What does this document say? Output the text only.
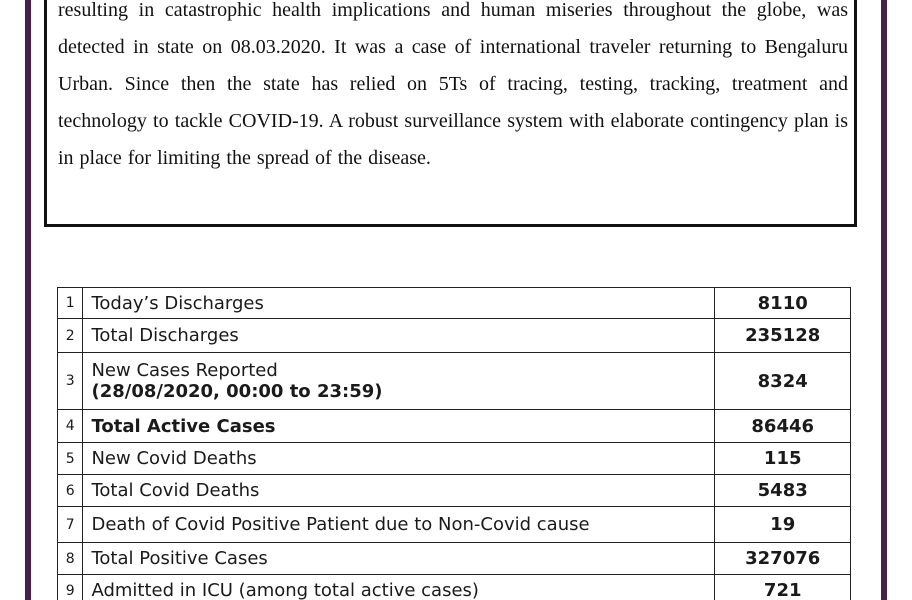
resulting in catastrophic health implications and human miseries throughout the globe, was detected in state on 08.03.2020. It was a case of international traveler returning to Bengaluru Urban. Since then the state has relied on 5Ts of tracing, testing, tracking, treatment and technology to tackle COVID-19. A robust surveillance system with elaborate contingency plan is in place for limiting the spread of the disease.

1	Today’s Discharges	8110
2	Total Discharges	235128
3	New Cases Reported
(28/08/2020, 00:00 to 23:59)	8324
4	Total Active Cases	86446
5	New Covid Deaths	115
6	Total Covid Deaths	5483
7	Death of Covid Positive Patient due to Non-Covid cause	19
8	Total Positive Cases	327076
9	Admitted in ICU (among total active cases)	721
